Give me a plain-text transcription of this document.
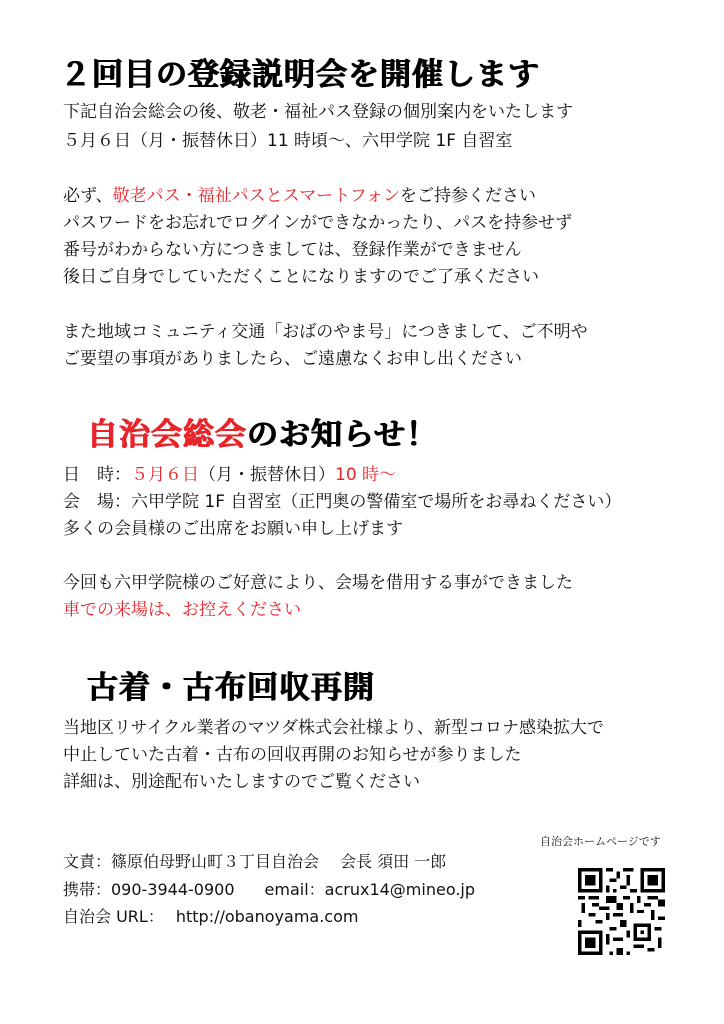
２回目の登録説明会を開催します
下記自治会総会の後、敬老・福祉パス登録の個別案内をいたします
５月６日（月・振替休日）11 時頃～、六甲学院 1F 自習室
必ず、敬老パス・福祉パスとスマートフォンをご持参ください
パスワードをお忘れでログインができなかったり、パスを持参せず
番号がわからない方につきましては、登録作業ができません
後日ご自身でしていただくことになりますのでご了承ください
また地域コミュニティ交通「おばのやま号」につきまして、ご不明や
ご要望の事項がありましたら、ご遠慮なくお申し出ください
自治会総会のお知らせ！
日　時：５月６日（月・振替休日）10 時～
会　場：六甲学院 1F 自習室（正門奥の警備室で場所をお尋ねください）
多くの会員様のご出席をお願い申し上げます
今回も六甲学院様のご好意により、会場を借用する事ができました
車での来場は、お控えください
古着・古布回収再開
当地区リサイクル業者のマツダ株式会社様より、新型コロナ感染拡大で
中止していた古着・古布の回収再開のお知らせが参りました
詳細は、別途配布いたしますのでご覧ください
自治会ホームページです
文責：篠原伯母野山町３丁目自治会　 会長 須田 一郎
携帯：090-3944-0900 email：acrux14@mineo.jp
自治会 URL： http://obanoyama.com
